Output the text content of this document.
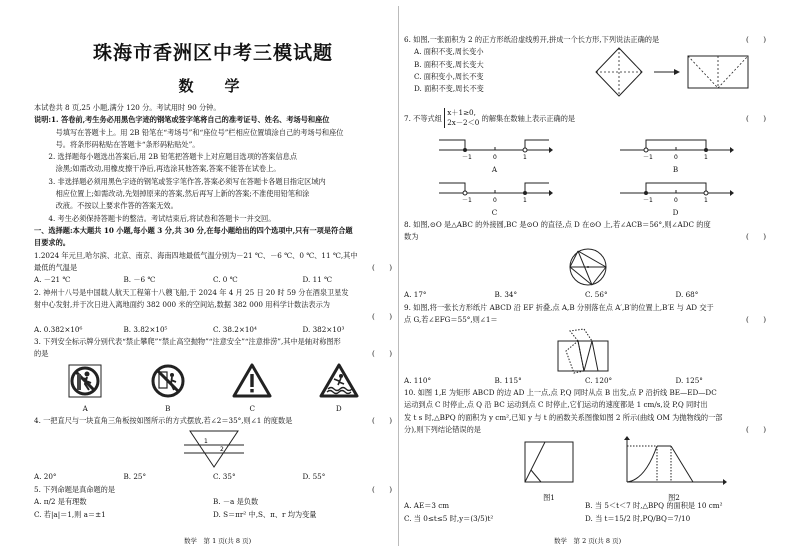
珠海市香洲区中考三模试题
数　学
本试卷共 8 页,25 小题,满分 120 分。考试用时 90 分钟。
说明:1. 答卷前,考生务必用黑色字迹的钢笔或签字笔将自己的准考证号、姓名、考场号和座位
　　　号填写在答题卡上。用 2B 铅笔在“考场号”和“座位号”栏相应位置填涂自己的考场号和座位
　　　号。将条形码粘贴在答题卡“条形码粘贴处”。
　　2. 选择题每小题选出答案后,用 2B 铅笔把答题卡上对应题目选项的答案信息点
　　　涂黑;如需改动,用橡皮擦干净后,再选涂其他答案,答案不能答在试卷上。
　　3. 非选择题必须用黑色字迹的钢笔或签字笔作答,答案必须写在答题卡各题目指定区域内
　　　相应位置上;如需改动,先划掉原来的答案,然后再写上新的答案;不准使用铅笔和涂
　　　改液。不按以上要求作答的答案无效。
　　4. 考生必须保持答题卡的整洁。考试结束后,将试卷和答题卡一并交回。
一、选择题:本大题共 10 小题,每小题 3 分,共 30 分,在每小题给出的四个选项中,只有一项是符合题
目要求的。
1.2024 年元旦,哈尔滨、北京、南京、海南四地最低气温分别为－21 ℃、－6 ℃、0 ℃、11 ℃,其中
最低的气温是	(　　)
A. －21 ℃	B. －6 ℃	C. 0 ℃	D. 11 ℃
2. 神州十八号是中国载人航天工程第十八艘飞船,于 2024 年 4 月 25 日 20 时 59 分在酒泉卫星发
射中心发射,并于次日进入离地面约 382 000 米的空间站,数据 382 000 用科学计数法表示为
(　　)
A. 0.382×10⁶	B. 3.82×10⁵	C. 38.2×10⁴	D. 382×10³
3. 下列安全标示牌分别代表“禁止攀爬”“禁止高空抛物”“注意安全”“注意排涝”,其中是轴对称图形
的是	(　　)
A	B	C	D
4. 一把直尺与一块直角三角板按如图所示的方式摆放,若∠2＝35°,则∠1 的度数是	(　　)
1
2
A. 20°	B. 25°	C. 35°	D. 55°
5. 下列命题是真命题的是	(　　)
A. π/2 是有理数	B. －a 是负数
C. 若|a|＝1,则 a＝±1	D. S＝πr² 中,S、π、r 均为变量
数学　第 1 页(共 8 页)
6. 如图,一张面积为 2 的正方形纸沿虚线剪开,拼成一个长方形,下列说法正确的是	(　　)
A. 面积不变,周长变小
B. 面积不变,周长变大
C. 面积变小,周长不变
D. 面积不变,周长不变
7. 不等式组
x＋1≥0,
2x－2＜0 的解集在数轴上表示正确的是	(　　)
－1	0	1
A
－1	0	1
B
－1	0	1
C
－1	0	1
D
8. 如图,⊙O 是△ABC 的外接圆,BC 是⊙O 的直径,点 D 在⊙O 上,若∠ACB＝56°,则∠ADC 的度
数为	(　　)
A. 17°	B. 34°	C. 56°	D. 68°
9. 如图,将一张长方形纸片 ABCD 沿 EF 折叠,点 A,B 分别落在点 A′,B′的位置上,B′E 与 AD 交于
点 G,若∠EFG＝55°,则∠1＝	(　　)
A. 110°	B. 115°	C. 120°	D. 125°
10. 如图 1,E 为矩形 ABCD 的边 AD 上一点,点 P,Q 同时从点 B 出发,点 P 沿折线 BE—ED—DC
运动到点 C 时停止,点 Q 沿 BC 运动到点 C 时停止,它们运动的速度都是 1 cm/s,设 P,Q 同时出
发 t s 时,△BPQ 的面积为 y cm²,已知 y 与 t 的函数关系图像如图 2 所示(曲线 OM 为抛物线的一部
分),则下列结论错误的是	(　　)
图1	图2
A. AE＝3 cm	B. 当 5＜t＜7 时,△BPQ 的面积是 10 cm²
C. 当 0≤t≤5 时,y＝(3/5)t²	D. 当 t＝15/2 时,PQ/BQ＝7/10
数学　第 2 页(共 8 页)
